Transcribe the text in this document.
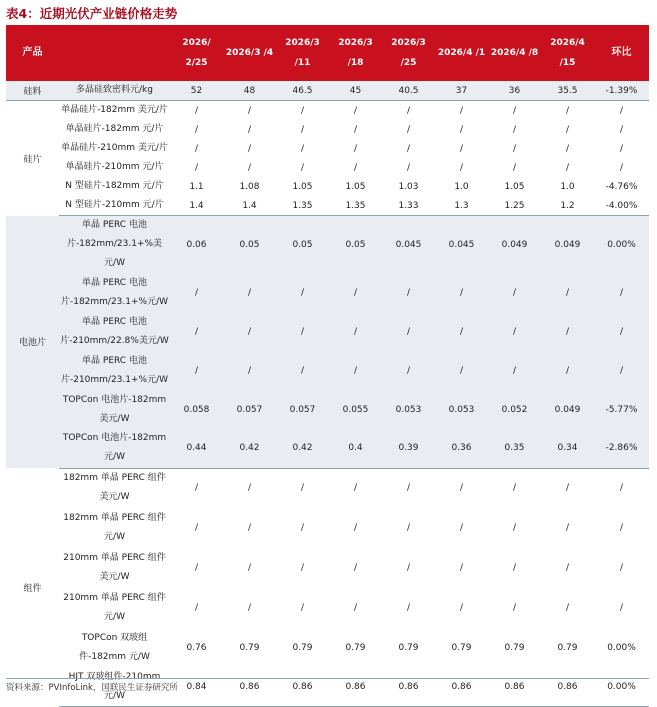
表4：近期光伏产业链价格走势
产品		2026/ 2/25	2026/3 /4	2026/3 /11	2026/3 /18	2026/3 /25	2026/4 /1	2026/4 /8	2026/4 /15	环比
硅料	多晶硅致密料元/kg	52	48	46.5	45	40.5	37	36	35.5	-1.39%
硅片	单晶硅片-182mm 美元/片	/	/	/	/	/	/	/	/	/
	单晶硅片-182mm 元/片	/	/	/	/	/	/	/	/	/
	单晶硅片-210mm 美元/片	/	/	/	/	/	/	/	/	/
	单晶硅片-210mm 元/片	/	/	/	/	/	/	/	/	/
	N 型硅片-182mm 元/片	1.1	1.08	1.05	1.05	1.03	1.0	1.05	1.0	-4.76%
	N 型硅片-210mm 元/片	1.4	1.4	1.35	1.35	1.33	1.3	1.25	1.2	-4.00%
电池片	单晶 PERC 电池片-182mm/23.1+%美元/W	0.06	0.05	0.05	0.05	0.045	0.045	0.049	0.049	0.00%
	单晶 PERC 电池片-182mm/23.1+%元/W	/	/	/	/	/	/	/	/	/
	单晶 PERC 电池片-210mm/22.8%美元/W	/	/	/	/	/	/	/	/	/
	单晶 PERC 电池片-210mm/23.1+%元/W	/	/	/	/	/	/	/	/	/
	TOPCon 电池片-182mm 美元/W	0.058	0.057	0.057	0.055	0.053	0.053	0.052	0.049	-5.77%
	TOPCon 电池片-182mm 元/W	0.44	0.42	0.42	0.4	0.39	0.36	0.35	0.34	-2.86%
组件	182mm 单晶 PERC 组件美元/W	/	/	/	/	/	/	/	/	/
	182mm 单晶 PERC 组件元/W	/	/	/	/	/	/	/	/	/
	210mm 单晶 PERC 组件美元/W	/	/	/	/	/	/	/	/	/
	210mm 单晶 PERC 组件元/W	/	/	/	/	/	/	/	/	/
	TOPCon 双玻组件-182mm 元/W	0.76	0.79	0.79	0.79	0.79	0.79	0.79	0.79	0.00%
	HJT 双玻组件-210mm 元/W	0.84	0.86	0.86	0.86	0.86	0.86	0.86	0.86	0.00%
资料来源：PVInfoLink，国联民生证券研究所
